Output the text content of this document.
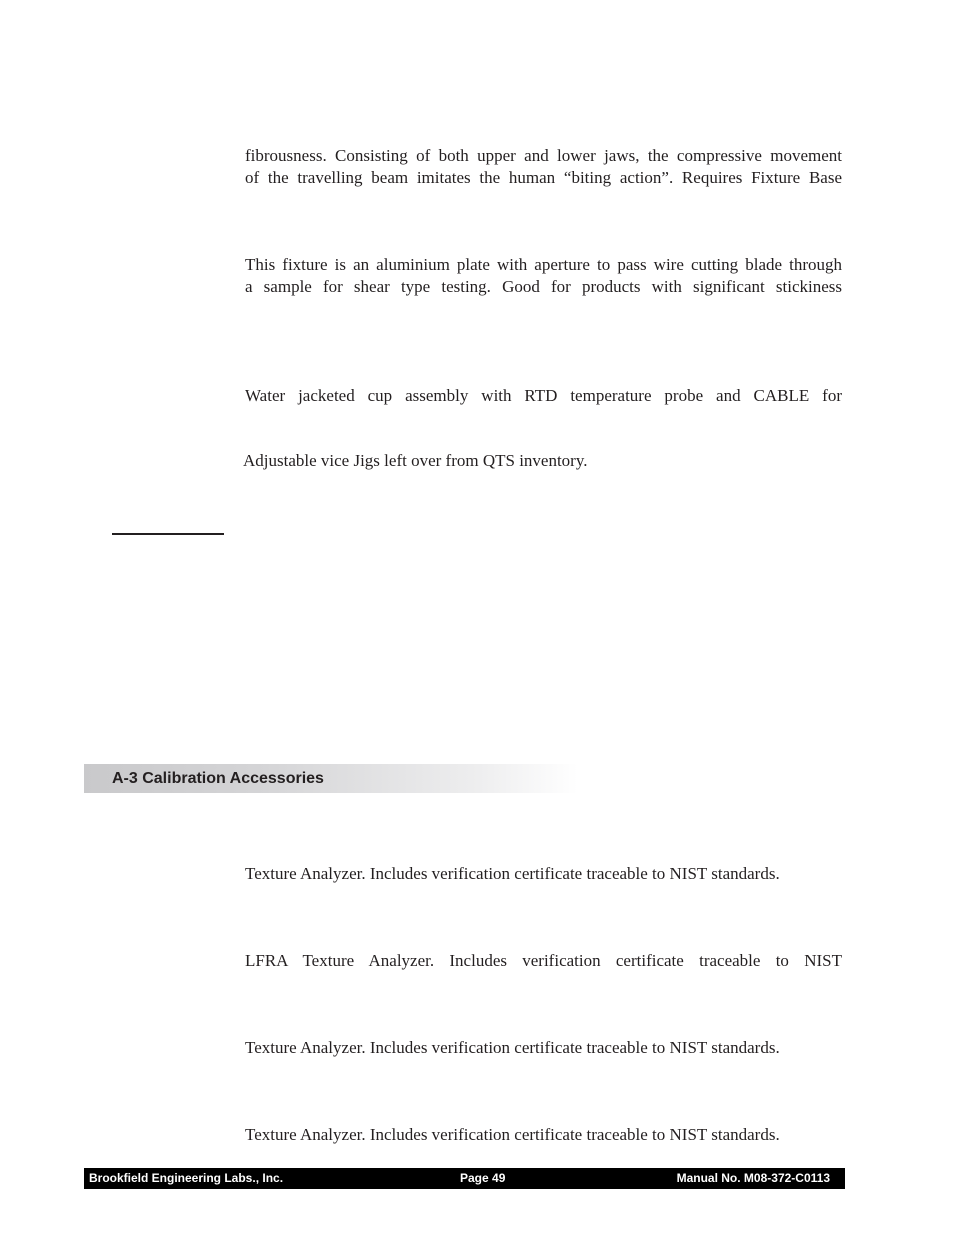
fibrousness. Consisting of both upper and lower jaws, the compressive movement
of the travelling beam imitates the human “biting action”. Requires Fixture Base
This fixture is an aluminium plate with aperture to pass wire cutting blade through
a sample for shear type testing. Good for products with significant stickiness
Water jacketed cup assembly with RTD temperature probe and CABLE for
Adjustable vice Jigs left over from QTS inventory.
A-3 Calibration Accessories
Texture Analyzer. Includes verification certificate traceable to NIST standards.
LFRA Texture Analyzer. Includes verification certificate traceable to NIST
Texture Analyzer. Includes verification certificate traceable to NIST standards.
Texture Analyzer. Includes verification certificate traceable to NIST standards.
Brookfield Engineering Labs., Inc.	Page 49	Manual No. M08-372-C0113
